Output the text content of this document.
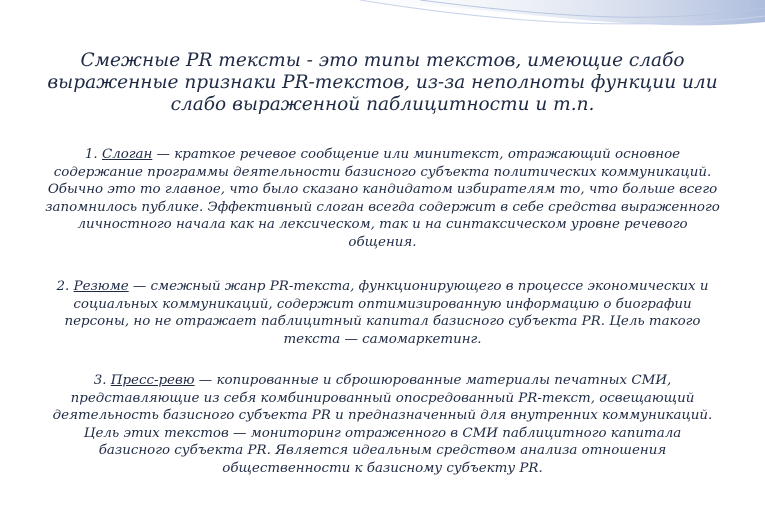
Смежные PR тексты - это типы текстов, имеющие слабо
выраженные признаки PR-текстов, из-за неполноты функции или
слабо выраженной паблицитности и т.п.
1. Слоган — краткое речевое сообщение или минитекст, отражающий основное
содержание программы деятельности базисного субъекта политических коммуникаций.
Обычно это то главное, что было сказано кандидатом избирателям то, что больше всего
запомнилось публике. Эффективный слоган всегда содержит в себе средства выраженного
личностного начала как на лексическом, так и на синтаксическом уровне речевого
общения.
2. Резюме — смежный жанр PR-текста, функционирующего в процессе экономических и
социальных коммуникаций, содержит оптимизированную информацию о биографии
персоны, но не отражает паблицитный капитал базисного субъекта PR. Цель такого
текста — самомаркетинг.
3. Пресс-ревю — копированные и сброшюрованные материалы печатных СМИ,
представляющие из себя комбинированный опосредованный PR-текст, освещающий
деятельность базисного субъекта PR и предназначенный для внутренних коммуникаций.
Цель этих текстов — мониторинг отраженного в СМИ паблицитного капитала
базисного субъекта PR. Является идеальным средством анализа отношения
общественности к базисному субъекту PR.
